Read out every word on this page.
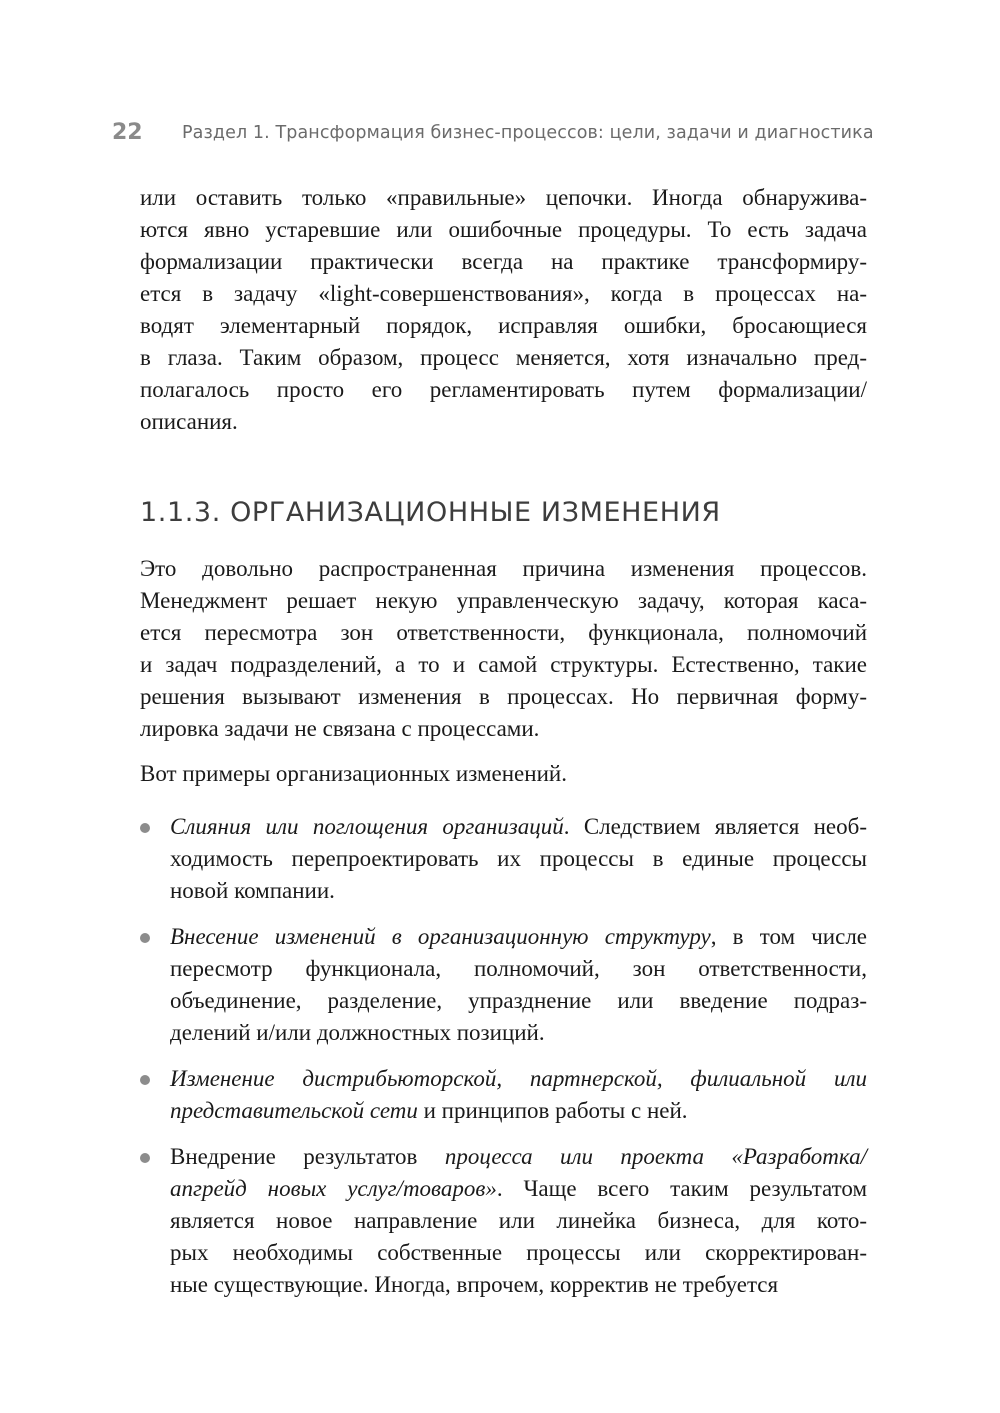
22 Раздел 1. Трансформация бизнес-процессов: цели, задачи и диагностика

или оставить только «правильные» цепочки. Иногда обнаружива-
ются явно устаревшие или ошибочные процедуры. То есть задача
формализации практически всегда на практике трансформиру-
ется в задачу «light-совершенствования», когда в процессах на-
водят элементарный порядок, исправляя ошибки, бросающиеся
в глаза. Таким образом, процесс меняется, хотя изначально пред-
полагалось просто его регламентировать путем формализации/
описания.

1.1.3. ОРГАНИЗАЦИОННЫЕ ИЗМЕНЕНИЯ

Это довольно распространенная причина изменения процессов.
Менеджмент решает некую управленческую задачу, которая каса-
ется пересмотра зон ответственности, функционала, полномочий
и задач подразделений, а то и самой структуры. Естественно, такие
решения вызывают изменения в процессах. Но первичная форму-
лировка задачи не связана с процессами.

Вот примеры организационных изменений.

Слияния или поглощения организаций. Следствием является необ-
ходимость перепроектировать их процессы в единые процессы
новой компании.
Внесение изменений в организационную структуру, в том числе
пересмотр функционала, полномочий, зон ответственности,
объединение, разделение, упразднение или введение подраз-
делений и/или должностных позиций.
Изменение дистрибьюторской, партнерской, филиальной или
представительской сети и принципов работы с ней.
Внедрение результатов процесса или проекта «Разработка/
апгрейд новых услуг/товаров». Чаще всего таким результатом
является новое направление или линейка бизнеса, для кото-
рых необходимы собственные процессы или скорректирован-
ные существующие. Иногда, впрочем, корректив не требуется
